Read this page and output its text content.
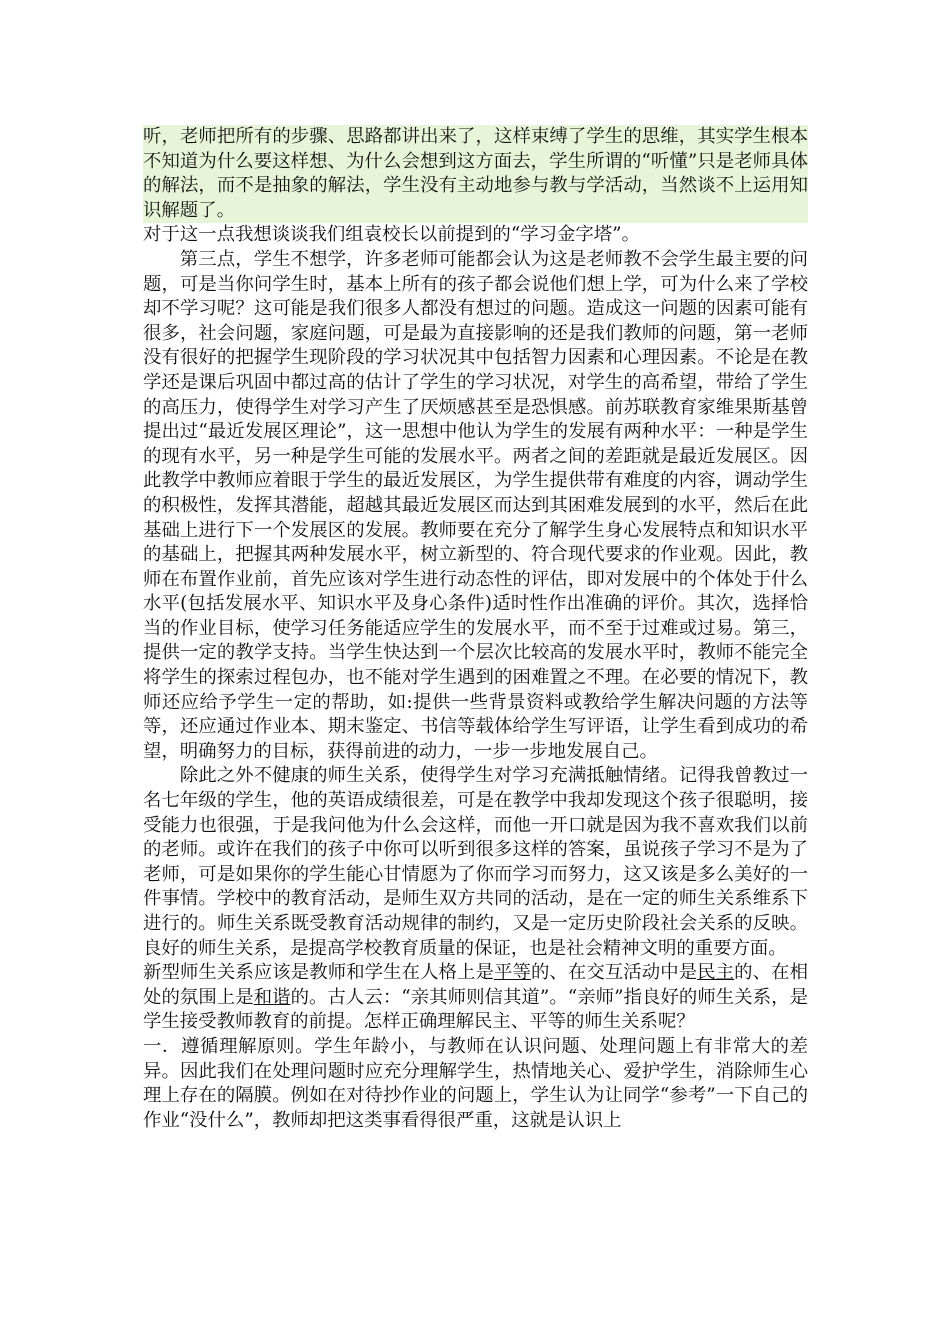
听，老师把所有的步骤、思路都讲出来了，这样束缚了学生的思维，其实学生根本不知道为什么要这样想、为什么会想到这方面去，学生所谓的“听懂”只是老师具体的解法，而不是抽象的解法，学生没有主动地参与教与学活动，当然谈不上运用知识解题了。

对于这一点我想谈谈我们组袁校长以前提到的“学习金字塔”。

第三点，学生不想学，许多老师可能都会认为这是老师教不会学生最主要的问题，可是当你问学生时，基本上所有的孩子都会说他们想上学，可为什么来了学校却不学习呢？这可能是我们很多人都没有想过的问题。造成这一问题的因素可能有很多，社会问题，家庭问题，可是最为直接影响的还是我们教师的问题，第一老师没有很好的把握学生现阶段的学习状况其中包括智力因素和心理因素。不论是在教学还是课后巩固中都过高的估计了学生的学习状况，对学生的高希望，带给了学生的高压力，使得学生对学习产生了厌烦感甚至是恐惧感。前苏联教育家维果斯基曾提出过“最近发展区理论”，这一思想中他认为学生的发展有两种水平：一种是学生的现有水平，另一种是学生可能的发展水平。两者之间的差距就是最近发展区。因此教学中教师应着眼于学生的最近发展区，为学生提供带有难度的内容，调动学生的积极性，发挥其潜能，超越其最近发展区而达到其困难发展到的水平，然后在此基础上进行下一个发展区的发展。教师要在充分了解学生身心发展特点和知识水平的基础上，把握其两种发展水平，树立新型的、符合现代要求的作业观。因此，教师在布置作业前，首先应该对学生进行动态性的评估，即对发展中的个体处于什么水平(包括发展水平、知识水平及身心条件)适时性作出准确的评价。其次，选择恰当的作业目标，使学习任务能适应学生的发展水平，而不至于过难或过易。第三，提供一定的教学支持。当学生快达到一个层次比较高的发展水平时，教师不能完全将学生的探索过程包办，也不能对学生遇到的困难置之不理。在必要的情况下，教师还应给予学生一定的帮助，如:提供一些背景资料或教给学生解决问题的方法等等，还应通过作业本、期末鉴定、书信等载体给学生写评语，让学生看到成功的希望，明确努力的目标，获得前进的动力，一步一步地发展自己。

除此之外不健康的师生关系，使得学生对学习充满抵触情绪。记得我曾教过一名七年级的学生，他的英语成绩很差，可是在教学中我却发现这个孩子很聪明，接受能力也很强，于是我问他为什么会这样，而他一开口就是因为我不喜欢我们以前的老师。或许在我们的孩子中你可以听到很多这样的答案，虽说孩子学习不是为了老师，可是如果你的学生能心甘情愿为了你而学习而努力，这又该是多么美好的一件事情。学校中的教育活动，是师生双方共同的活动，是在一定的师生关系维系下进行的。师生关系既受教育活动规律的制约，又是一定历史阶段社会关系的反映。良好的师生关系，是提高学校教育质量的保证，也是社会精神文明的重要方面。

新型师生关系应该是教师和学生在人格上是平等的、在交互活动中是民主的、在相处的氛围上是和谐的。古人云：“亲其师则信其道”。“亲师”指良好的师生关系，是学生接受教师教育的前提。怎样正确理解民主、平等的师生关系呢？

一．遵循理解原则。学生年龄小，与教师在认识问题、处理问题上有非常大的差异。因此我们在处理问题时应充分理解学生，热情地关心、爱护学生，消除师生心理上存在的隔膜。例如在对待抄作业的问题上，学生认为让同学“参考”一下自己的作业“没什么”，教师却把这类事看得很严重，这就是认识上
